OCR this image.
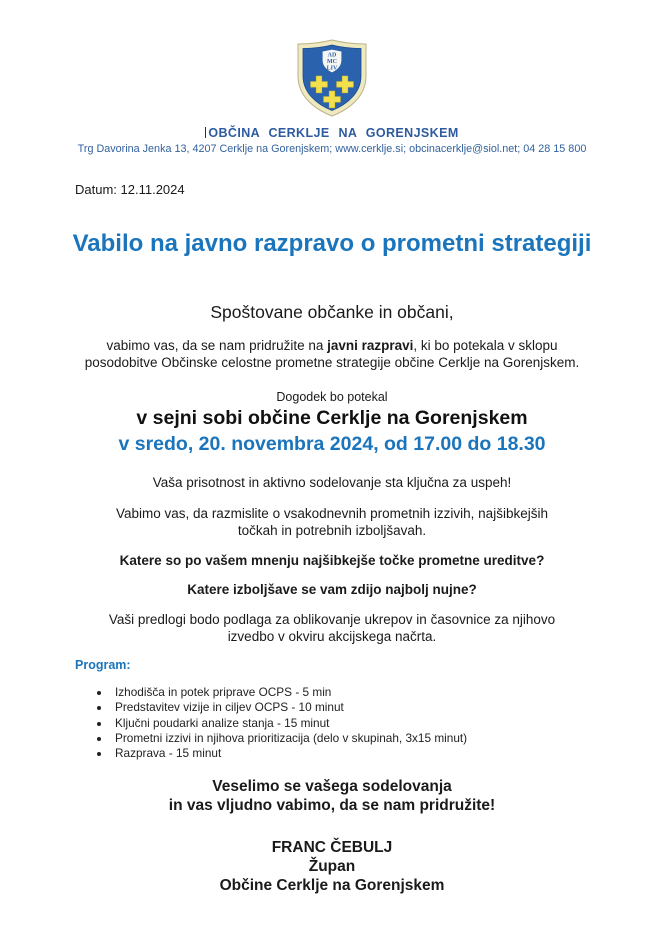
AD
MC
LIV
OBČINA CERKLJE NA GORENJSKEM
Trg Davorina Jenka 13, 4207 Cerklje na Gorenjskem; www.cerklje.si; obcinacerklje@siol.net; 04 28 15 800
Datum: 12.11.2024
Vabilo na javno razpravo o prometni strategiji
Spoštovane občanke in občani,
vabimo vas, da se nam pridružite na javni razpravi, ki bo potekala v sklopu
posodobitve Občinske celostne prometne strategije občine Cerklje na Gorenjskem.
Dogodek bo potekal
v sejni sobi občine Cerklje na Gorenjskem
v sredo, 20. novembra 2024, od 17.00 do 18.30
Vaša prisotnost in aktivno sodelovanje sta ključna za uspeh!
Vabimo vas, da razmislite o vsakodnevnih prometnih izzivih, najšibkejših
točkah in potrebnih izboljšavah.
Katere so po vašem mnenju najšibkejše točke prometne ureditve?
Katere izboljšave se vam zdijo najbolj nujne?
Vaši predlogi bodo podlaga za oblikovanje ukrepov in časovnice za njihovo
izvedbo v okviru akcijskega načrta.
Program:
Izhodišča in potek priprave OCPS - 5 min
Predstavitev vizije in ciljev OCPS - 10 minut
Ključni poudarki analize stanja - 15 minut
Prometni izzivi in njihova prioritizacija (delo v skupinah, 3x15 minut)
Razprava - 15 minut
Veselimo se vašega sodelovanja
in vas vljudno vabimo, da se nam pridružite!
FRANC ČEBULJ
Župan
Občine Cerklje na Gorenjskem
